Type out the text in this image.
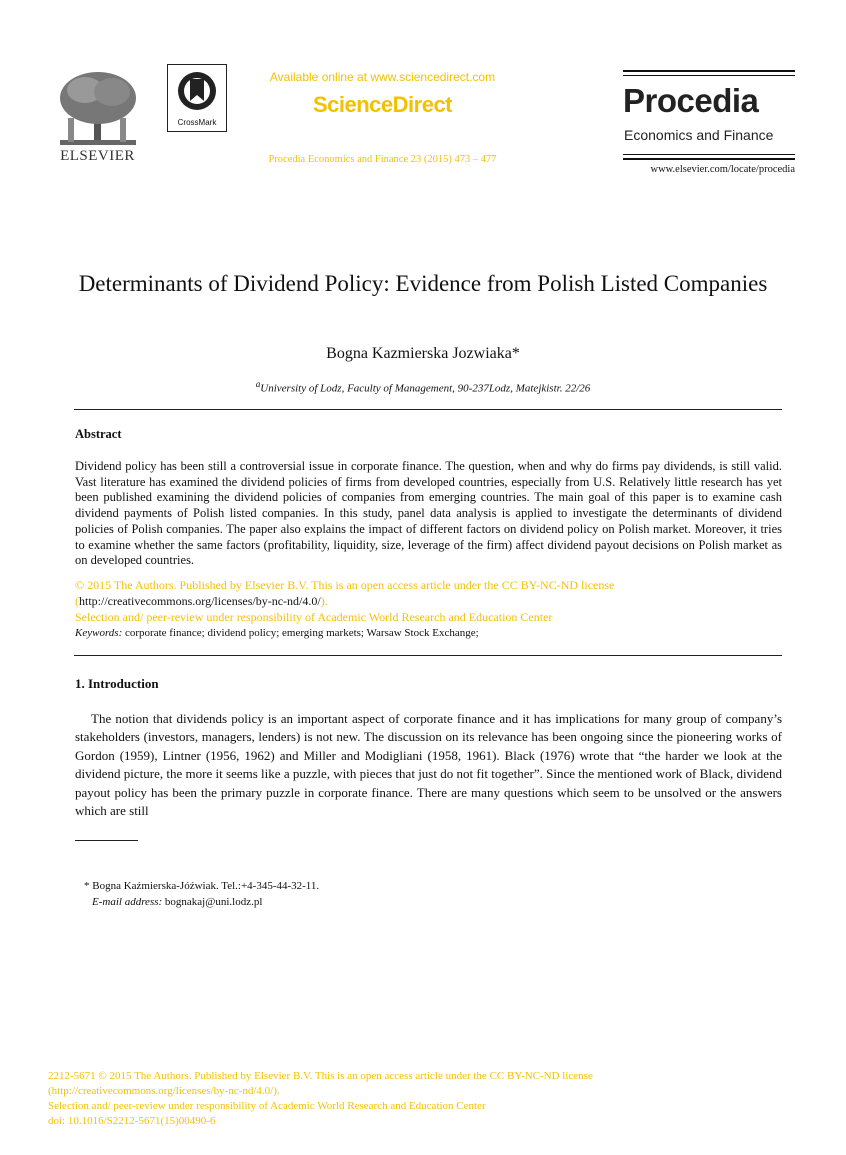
ELSEVIER
CrossMark
Available online at www.sciencedirect.com
ScienceDirect
Procedia Economics and Finance 23 (2015) 473 – 477
Procedia
Economics and Finance
www.elsevier.com/locate/procedia
Determinants of Dividend Policy: Evidence from Polish Listed Companies
Bogna Kazmierska Jozwiaka*
$^a$University of Lodz, Faculty of Management, 90-237Lodz, Matejkistr. 22/26
Abstract
Dividend policy has been still a controversial issue in corporate finance. The question, when and why do firms pay dividends, is still valid. Vast literature has examined the dividend policies of firms from developed countries, especially from U.S. Relatively little research has yet been published examining the dividend policies of companies from emerging countries. The main goal of this paper is to examine cash dividend payments of Polish listed companies. In this study, panel data analysis is applied to investigate the determinants of dividend policies of Polish companies. The paper also explains the impact of different factors on dividend policy on Polish market. Moreover, it tries to examine whether the same factors (profitability, liquidity, size, leverage of the firm) affect dividend payout decisions on Polish market as on developed countries.
© 2015 The Authors. Published by Elsevier B.V. This is an open access article under the CC BY-NC-ND license
(http://creativecommons.org/licenses/by-nc-nd/4.0/).
Selection and/ peer-review under responsibility of Academic World Research and Education Center
Keywords: corporate finance; dividend policy; emerging markets; Warsaw Stock Exchange;
1. Introduction
The notion that dividends policy is an important aspect of corporate finance and it has implications for many group of company’s stakeholders (investors, managers, lenders) is not new. The discussion on its relevance has been ongoing since the pioneering works of Gordon (1959), Lintner (1956, 1962) and Miller and Modigliani (1958, 1961). Black (1976) wrote that “the harder we look at the dividend picture, the more it seems like a puzzle, with pieces that just do not fit together”. Since the mentioned work of Black, dividend payout policy has been the primary puzzle in corporate finance. There are many questions which seem to be unsolved or the answers which are still
* Bogna Kaźmierska-Jóźwiak. Tel.:+4-345-44-32-11.
E-mail address: bognakaj@uni.lodz.pl
2212-5671 © 2015 The Authors. Published by Elsevier B.V. This is an open access article under the CC BY-NC-ND license
(http://creativecommons.org/licenses/by-nc-nd/4.0/).
Selection and/ peer-review under responsibility of Academic World Research and Education Center
doi: 10.1016/S2212-5671(15)00490-6
